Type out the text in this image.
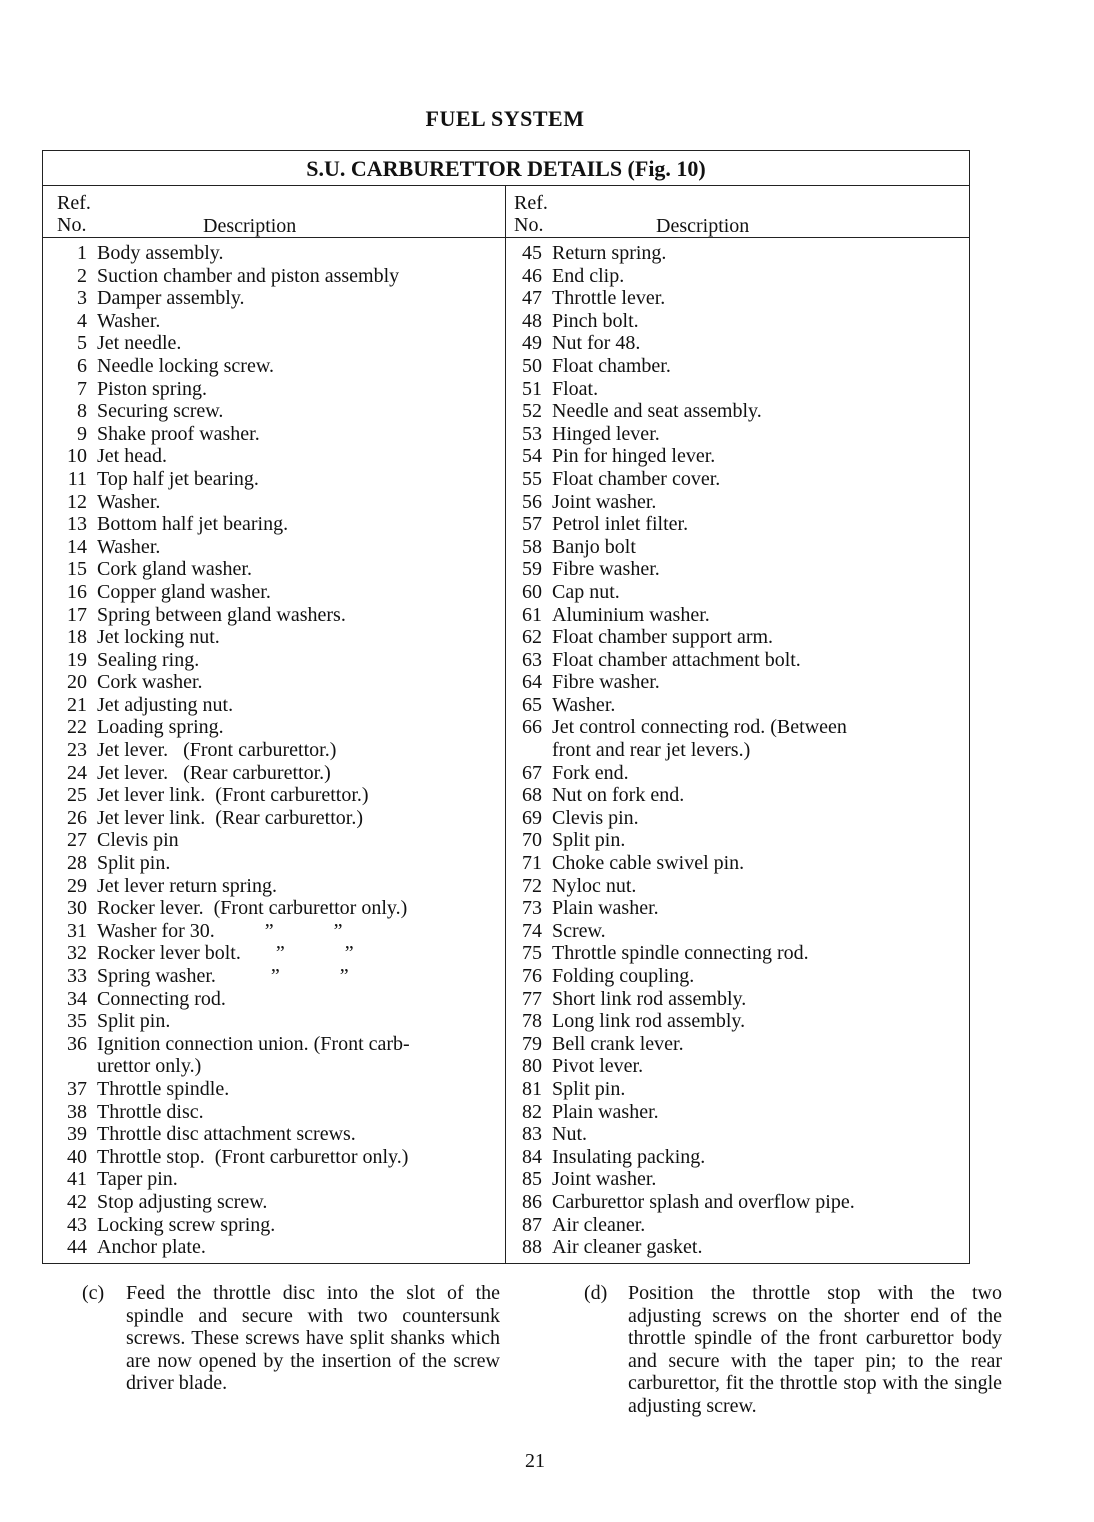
FUEL SYSTEM
S.U. CARBURETTOR DETAILS (Fig. 10)
Ref.
No.	Description
1 Body assembly.
2 Suction chamber and piston assembly
3 Damper assembly.
4 Washer.
5 Jet needle.
6 Needle locking screw.
7 Piston spring.
8 Securing screw.
9 Shake proof washer.
10 Jet head.
11 Top half jet bearing.
12 Washer.
13 Bottom half jet bearing.
14 Washer.
15 Cork gland washer.
16 Copper gland washer.
17 Spring between gland washers.
18 Jet locking nut.
19 Sealing ring.
20 Cork washer.
21 Jet adjusting nut.
22 Loading spring.
23 Jet lever.   (Front carburettor.)
24 Jet lever.   (Rear carburettor.)
25 Jet lever link.  (Front carburettor.)
26 Jet lever link.  (Rear carburettor.)
27 Clevis pin
28 Split pin.
29 Jet lever return spring.
30 Rocker lever.  (Front carburettor only.)
31 Washer for 30.          ”            ”
32 Rocker lever bolt.       ”            ”
33 Spring washer.           ”            ”
34 Connecting rod.
35 Split pin.
36 Ignition connection union. (Front carb-
urettor only.)
37 Throttle spindle.
38 Throttle disc.
39 Throttle disc attachment screws.
40 Throttle stop.  (Front carburettor only.)
41 Taper pin.
42 Stop adjusting screw.
43 Locking screw spring.
44 Anchor plate.
Ref.
No.	Description
45 Return spring.
46 End clip.
47 Throttle lever.
48 Pinch bolt.
49 Nut for 48.
50 Float chamber.
51 Float.
52 Needle and seat assembly.
53 Hinged lever.
54 Pin for hinged lever.
55 Float chamber cover.
56 Joint washer.
57 Petrol inlet filter.
58 Banjo bolt
59 Fibre washer.
60 Cap nut.
61 Aluminium washer.
62 Float chamber support arm.
63 Float chamber attachment bolt.
64 Fibre washer.
65 Washer.
66 Jet control connecting rod. (Between
front and rear jet levers.)
67 Fork end.
68 Nut on fork end.
69 Clevis pin.
70 Split pin.
71 Choke cable swivel pin.
72 Nyloc nut.
73 Plain washer.
74 Screw.
75 Throttle spindle connecting rod.
76 Folding coupling.
77 Short link rod assembly.
78 Long link rod assembly.
79 Bell crank lever.
80 Pivot lever.
81 Split pin.
82 Plain washer.
83 Nut.
84 Insulating packing.
85 Joint washer.
86 Carburettor splash and overflow pipe.
87 Air cleaner.
88 Air cleaner gasket.
(c)	Feed the throttle disc into the slot of the spindle and secure with two countersunk screws. These screws have split shanks which are now opened by the insertion of the screw driver blade.
(d)	Position the throttle stop with the two adjusting screws on the shorter end of the throttle spindle of the front carburettor body and secure with the taper pin; to the rear carburettor, fit the throttle stop with the single adjusting screw.
21
